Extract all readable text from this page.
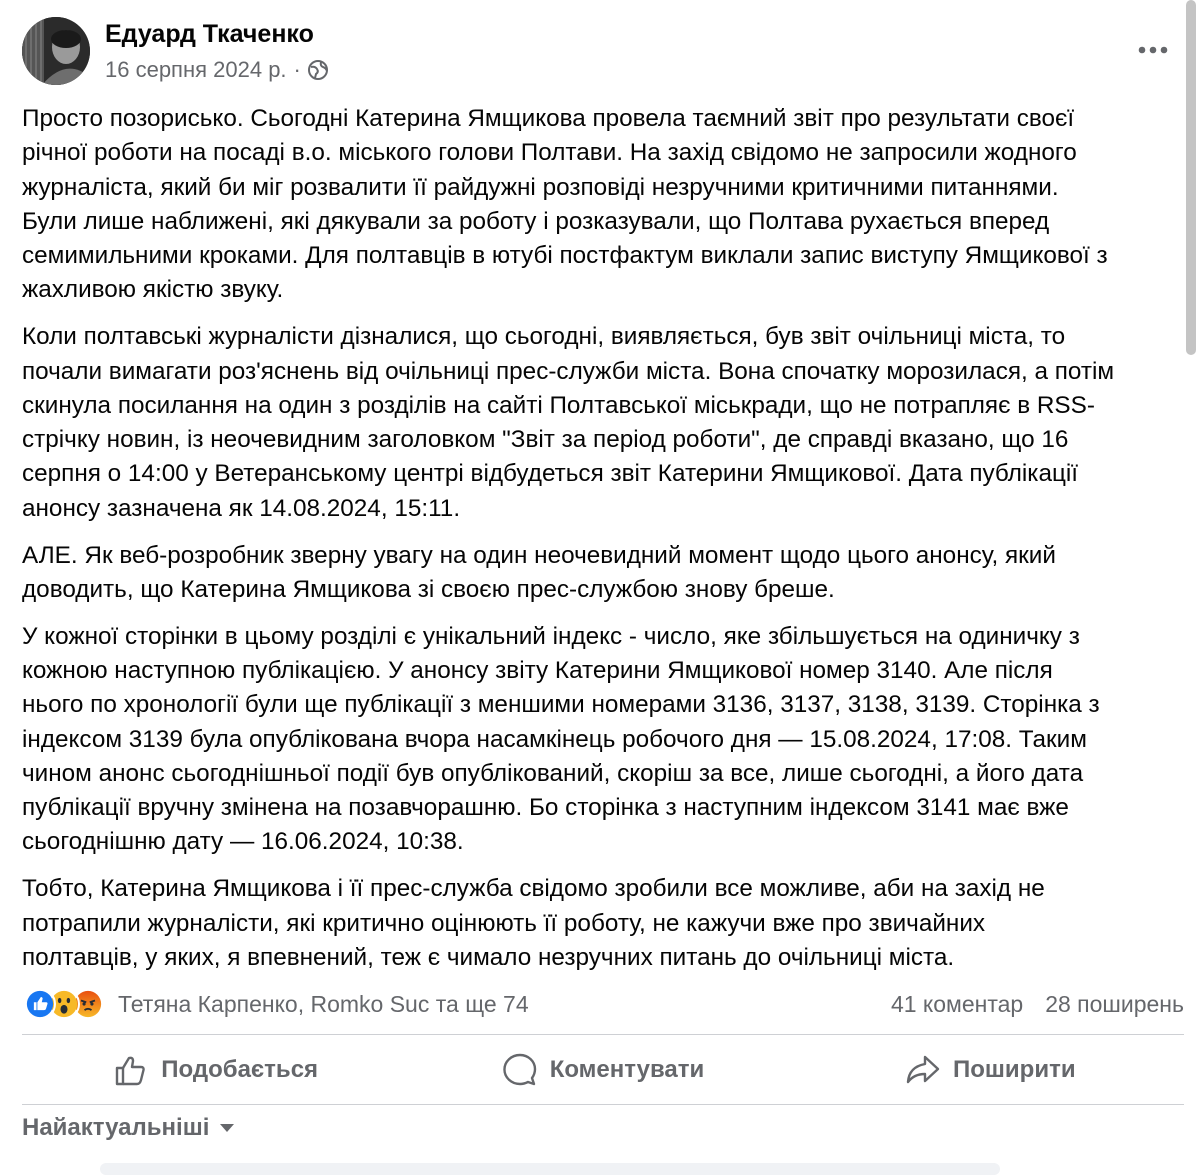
Едуард Ткаченко
16 серпня 2024 р. ·

Просто позорисько. Сьогодні Катерина Ямщикова провела таємний звіт про результати своєї
річної роботи на посаді в.о. міського голови Полтави. На захід свідомо не запросили жодного
журналіста, який би міг розвалити її райдужні розповіді незручними критичними питаннями.
Були лише наближені, які дякували за роботу і розказували, що Полтава рухається вперед
семимильними кроками. Для полтавців в ютубі постфактум виклали запис виступу Ямщикової з
жахливою якістю звуку.

Коли полтавські журналісти дізналися, що сьогодні, виявляється, був звіт очільниці міста, то
почали вимагати роз'яснень від очільниці прес-служби міста. Вона спочатку морозилася, а потім
скинула посилання на один з розділів на сайті Полтавської міськради, що не потрапляє в RSS-
стрічку новин, із неочевидним заголовком "Звіт за період роботи", де справді вказано, що 16
серпня о 14:00 у Ветеранському центрі відбудеться звіт Катерини Ямщикової. Дата публікації
анонсу зазначена як 14.08.2024, 15:11.

АЛЕ. Як веб-розробник зверну увагу на один неочевидний момент щодо цього анонсу, який
доводить, що Катерина Ямщикова зі своєю прес-службою знову бреше.

У кожної сторінки в цьому розділі є унікальний індекс - число, яке збільшується на одиничку з
кожною наступною публікацією. У анонсу звіту Катерини Ямщикової номер 3140. Але після
нього по хронології були ще публікації з меншими номерами 3136, 3137, 3138, 3139. Сторінка з
індексом 3139 була опублікована вчора насамкінець робочого дня — 15.08.2024, 17:08. Таким
чином анонс сьогоднішньої події був опублікований, скоріш за все, лише сьогодні, а його дата
публікації вручну змінена на позавчорашню. Бо сторінка з наступним індексом 3141 має вже
сьогоднішню дату — 16.06.2024, 10:38.

Тобто, Катерина Ямщикова і її прес-служба свідомо зробили все можливе, аби на захід не
потрапили журналісти, які критично оцінюють її роботу, не кажучи вже про звичайних
полтавців, у яких, я впевнений, теж є чимало незручних питань до очільниці міста.

Тетяна Карпенко, Romko Suc та ще 74	41 коментар 28 поширень
Подобається	Коментувати	Поширити
Найактуальніші
